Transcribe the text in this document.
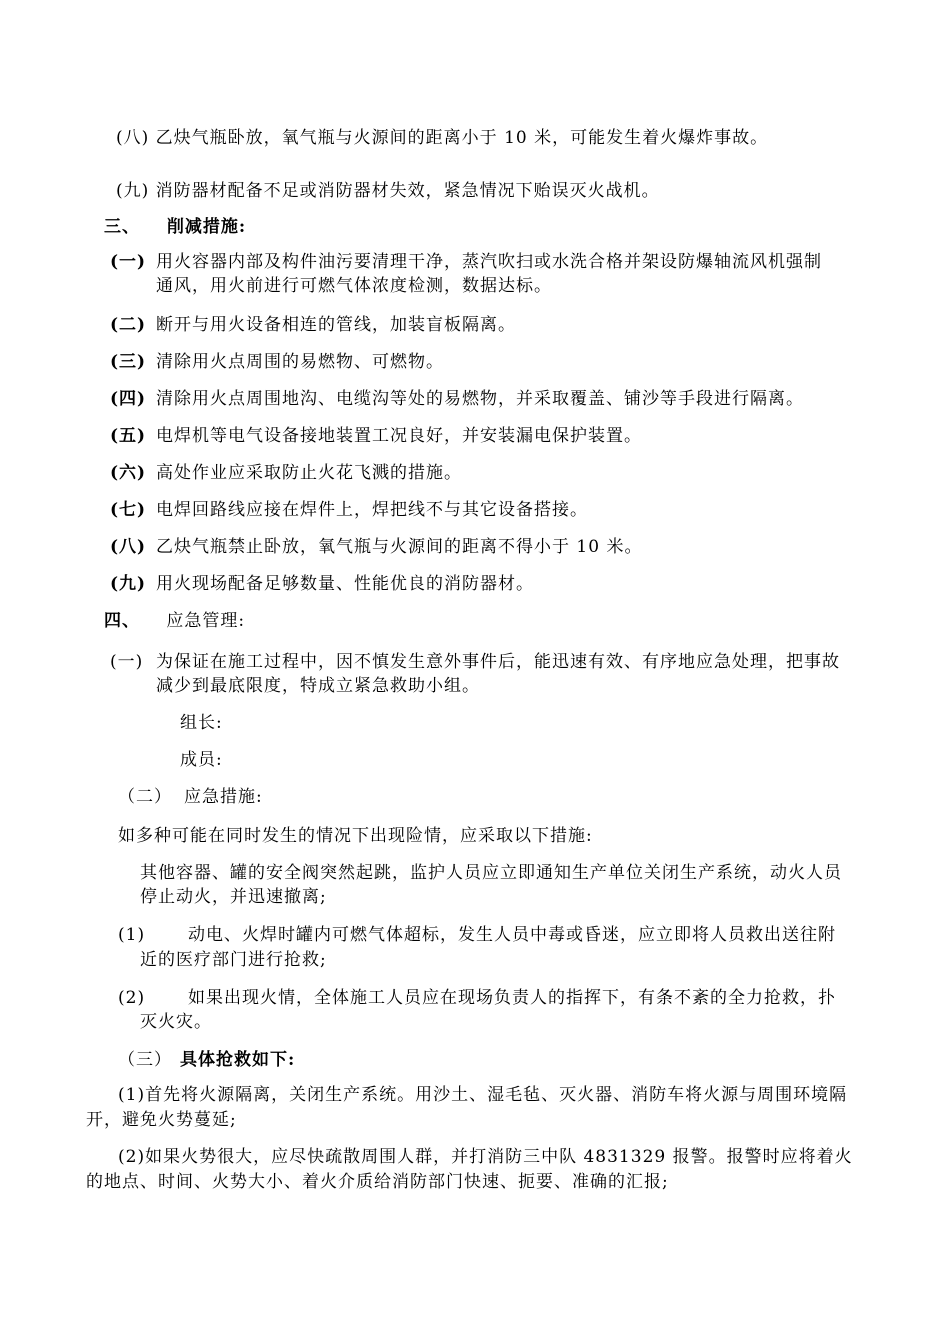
(八) 乙炔气瓶卧放，氧气瓶与火源间的距离小于 10 米，可能发生着火爆炸事故。
(九) 消防器材配备不足或消防器材失效，紧急情况下贻误灭火战机。
三、 削减措施:
(一) 用火容器内部及构件油污要清理干净，蒸汽吹扫或水洗合格并架设防爆轴流风机强制
通风，用火前进行可燃气体浓度检测，数据达标。
(二) 断开与用火设备相连的管线，加装盲板隔离。
(三) 清除用火点周围的易燃物、可燃物。
(四) 清除用火点周围地沟、电缆沟等处的易燃物，并采取覆盖、铺沙等手段进行隔离。
(五) 电焊机等电气设备接地装置工况良好，并安装漏电保护装置。
(六) 高处作业应采取防止火花飞溅的措施。
(七) 电焊回路线应接在焊件上，焊把线不与其它设备搭接。
(八) 乙炔气瓶禁止卧放，氧气瓶与火源间的距离不得小于 10 米。
(九) 用火现场配备足够数量、性能优良的消防器材。
四、 应急管理:
(一) 为保证在施工过程中，因不慎发生意外事件后，能迅速有效、有序地应急处理，把事故
减少到最底限度，特成立紧急救助小组。
组长:
成员:
（二） 应急措施:
如多种可能在同时发生的情况下出现险情，应采取以下措施:
其他容器、罐的安全阀突然起跳，监护人员应立即通知生产单位关闭生产系统，动火人员
停止动火，并迅速撤离;
(1)	动电、火焊时罐内可燃气体超标，发生人员中毒或昏迷，应立即将人员救出送往附
近的医疗部门进行抢救;
(2)	如果出现火情，全体施工人员应在现场负责人的指挥下，有条不紊的全力抢救，扑
灭火灾。
（三） 具体抢救如下:
(1)首先将火源隔离，关闭生产系统。用沙土、湿毛毡、灭火器、消防车将火源与周围环境隔
开，避免火势蔓延;
(2)如果火势很大，应尽快疏散周围人群，并打消防三中队 4831329 报警。报警时应将着火
的地点、时间、火势大小、着火介质给消防部门快速、扼要、准确的汇报;
